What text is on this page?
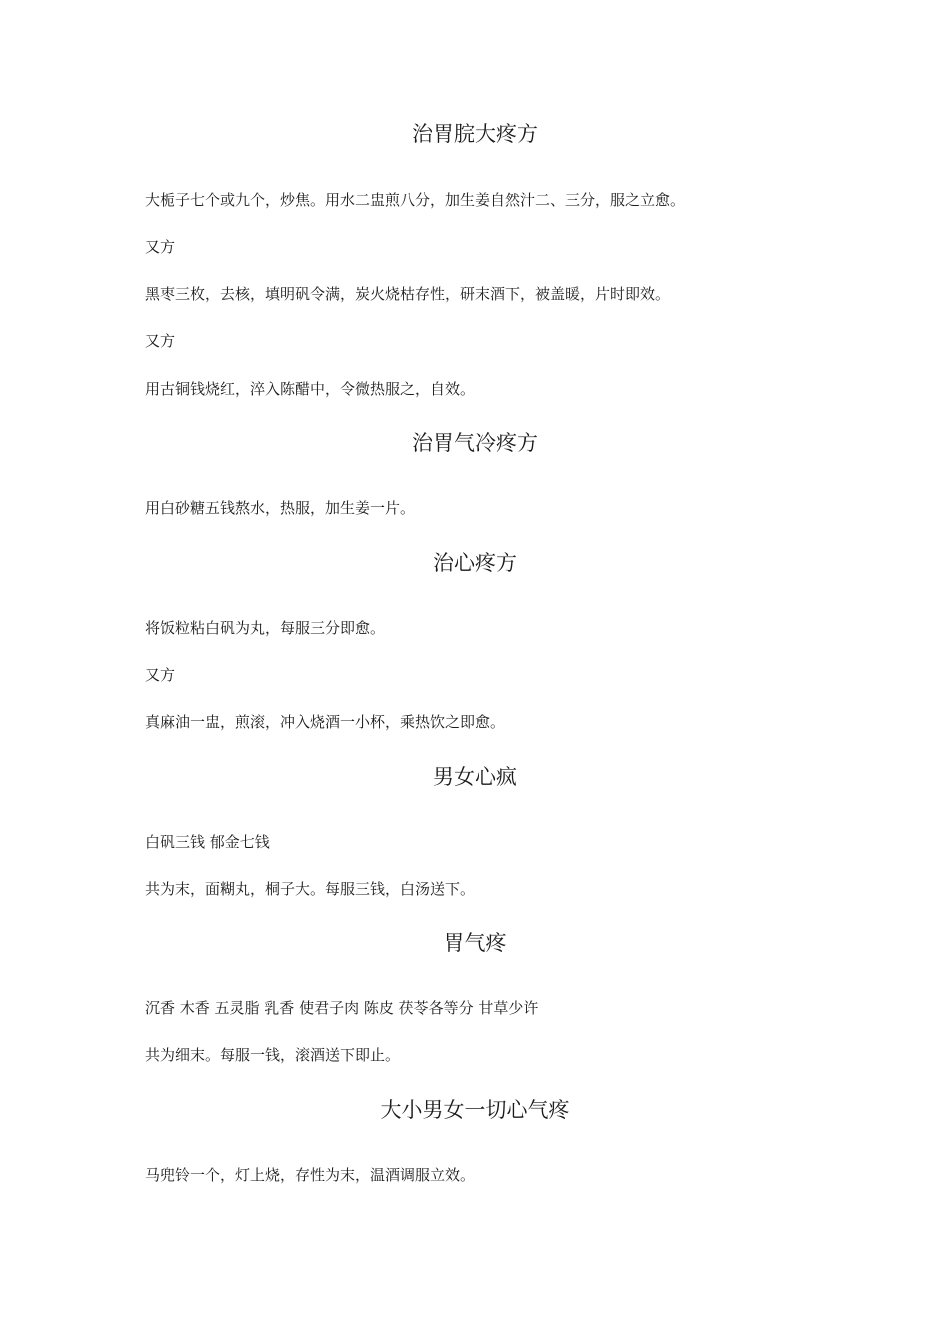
治胃脘大疼方
大栀子七个或九个，炒焦。用水二盅煎八分，加生姜自然汁二、三分，服之立愈。
又方
黑枣三枚，去核，填明矾令满，炭火烧枯存性，研末酒下，被盖暖，片时即效。
又方
用古铜钱烧红，淬入陈醋中，令微热服之，自效。
治胃气冷疼方
用白砂糖五钱熬水，热服，加生姜一片。
治心疼方
将饭粒粘白矾为丸，每服三分即愈。
又方
真麻油一盅，煎滚，冲入烧酒一小杯，乘热饮之即愈。
男女心疯
白矾三钱 郁金七钱
共为末，面糊丸，桐子大。每服三钱，白汤送下。
胃气疼
沉香 木香 五灵脂 乳香 使君子肉 陈皮 茯苓各等分 甘草少许
共为细末。每服一钱，滚酒送下即止。
大小男女一切心气疼
马兜铃一个，灯上烧，存性为末，温酒调服立效。
